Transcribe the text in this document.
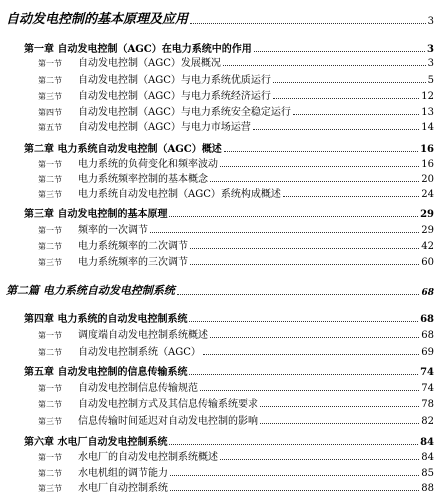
自动发电控制的基本原理及应用	3
第一章 自动发电控制（AGC）在电力系统中的作用	3
第一节 自动发电控制（AGC）发展概况	3
第二节 自动发电控制（AGC）与电力系统优质运行	5
第三节 自动发电控制（AGC）与电力系统经济运行	12
第四节 自动发电控制（AGC）与电力系统安全稳定运行	13
第五节 自动发电控制（AGC）与电力市场运营	14
第二章 电力系统自动发电控制（AGC）概述	16
第一节 电力系统的负荷变化和频率波动	16
第二节 电力系统频率控制的基本概念	20
第三节 电力系统自动发电控制（AGC）系统构成概述	24
第三章 自动发电控制的基本原理	29
第一节 频率的一次调节	29
第二节 电力系统频率的二次调节	42
第三节 电力系统频率的三次调节	60
第二篇 电力系统自动发电控制系统	68
第四章 电力系统的自动发电控制系统	68
第一节 调度端自动发电控制系统概述	68
第二节 自动发电控制系统（AGC）	69
第五章 自动发电控制的信息传输系统	74
第一节 自动发电控制信息传输规范	74
第二节 自动发电控制方式及其信息传输系统要求	78
第三节 信息传输时间延迟对自动发电控制的影响	82
第六章 水电厂自动发电控制系统	84
第一节 水电厂的自动发电控制系统概述	84
第二节 水电机组的调节能力	85
第三节 水电厂自动控制系统	88
